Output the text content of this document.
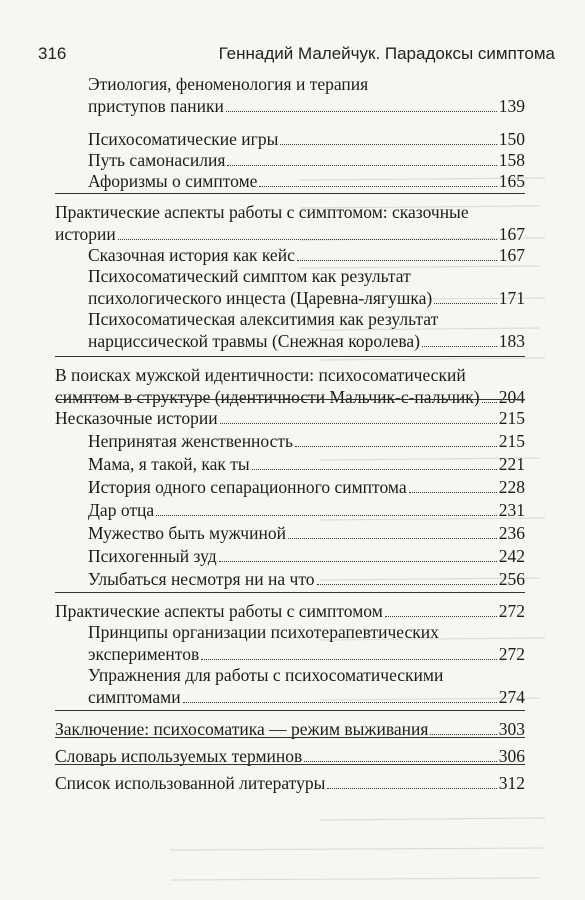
316	Геннадий Малейчук. Парадоксы симптома
Этиология, феноменология и терапия
приступов паники	139
Психосоматические игры	150
Путь самонасилия	158
Афоризмы о симптоме	165
Практические аспекты работы с симптомом: сказочные
истории	167
Сказочная история как кейс	167
Психосоматический симптом как результат
психологического инцеста (Царевна-лягушка)	171
Психосоматическая алекситимия как результат
нарциссической травмы (Снежная королева)	183
В поисках мужской идентичности: психосоматический
симптом в структуре (идентичности Мальчик-с-пальчик) 204
Несказочные истории	215
Непринятая женственность	215
Мама, я такой, как ты	221
История одного сепарационного симптома	228
Дар отца	231
Мужество быть мужчиной	236
Психогенный зуд	242
Улыбаться несмотря ни на что	256
Практические аспекты работы с симптомом	272
Принципы организации психотерапевтических
экспериментов	272
Упражнения для работы с психосоматическими
симптомами	274
Заключение: психосоматика — режим выживания	303
Словарь используемых терминов	306
Список использованной литературы	312
